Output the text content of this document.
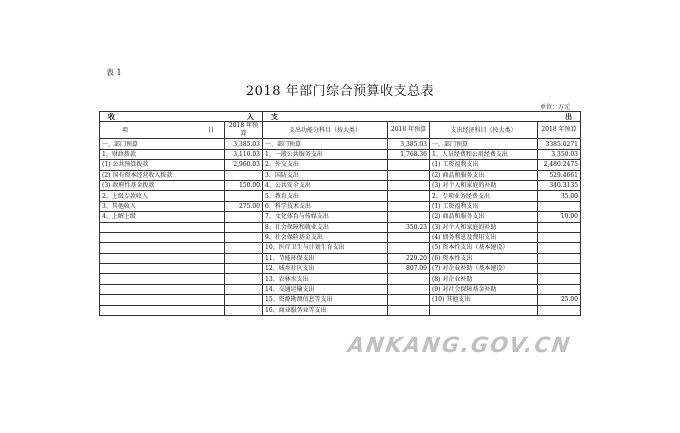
表 1
2018 年部门综合预算收支总表
单位：万元
收 入		支 出			

项 目	2018 年预算	支出功能分科目（按大类）	2018 年预算	支出经济科目（按大类）	2018 年预算
一、部门预算	3,385.03	一、部门预算	3,385.03	一、部门预算	3385.0271
1、财政拨款	3,110.03	1、一般公共服务支出	1,768.36	1、人员经费和公用经费支出	3,350.03
(1) 公共预算拨款	2,960.03	2、外交支出		(1) 工资福利支出	2,480.2475
(2) 国有资本经营收入拨款		3、国防支出		(2) 商品和服务支出	529.4661
(3) 政府性基金拨款	150.00	4、公共安全支出		(3) 对个人和家庭的补助	340.3135
2、上级专款收入		5、教育支出		2、专项业务经费支出	35.00
3、其他收入	275.00	6、科学技术支出		(1) 工资福利支出	
4、上解上级		7、文化体育与传媒支出		(2) 商品和服务支出	10.00
		8、社会保障和就业支出	350.23	(3) 对个人和家庭的补助	
		9、社会保险基金支出		(4) 债务利息及费用支出	
		10、医疗卫生与计划生育支出		(5) 资本性支出（基本建设）	
		11、节能环保支出	229.20	(6) 资本性支出	
		12、城乡社区支出	807.09	(7) 对企业补助（基本建设）	
		13、农林水支出		(8) 对企业补助	
		14、交通运输支出		(9) 对社会保障基金补助	
		15、资源勘测信息等支出		(10) 其他支出	25.00
		16、商业服务业等支出			
ANKANG.GOV.CN
